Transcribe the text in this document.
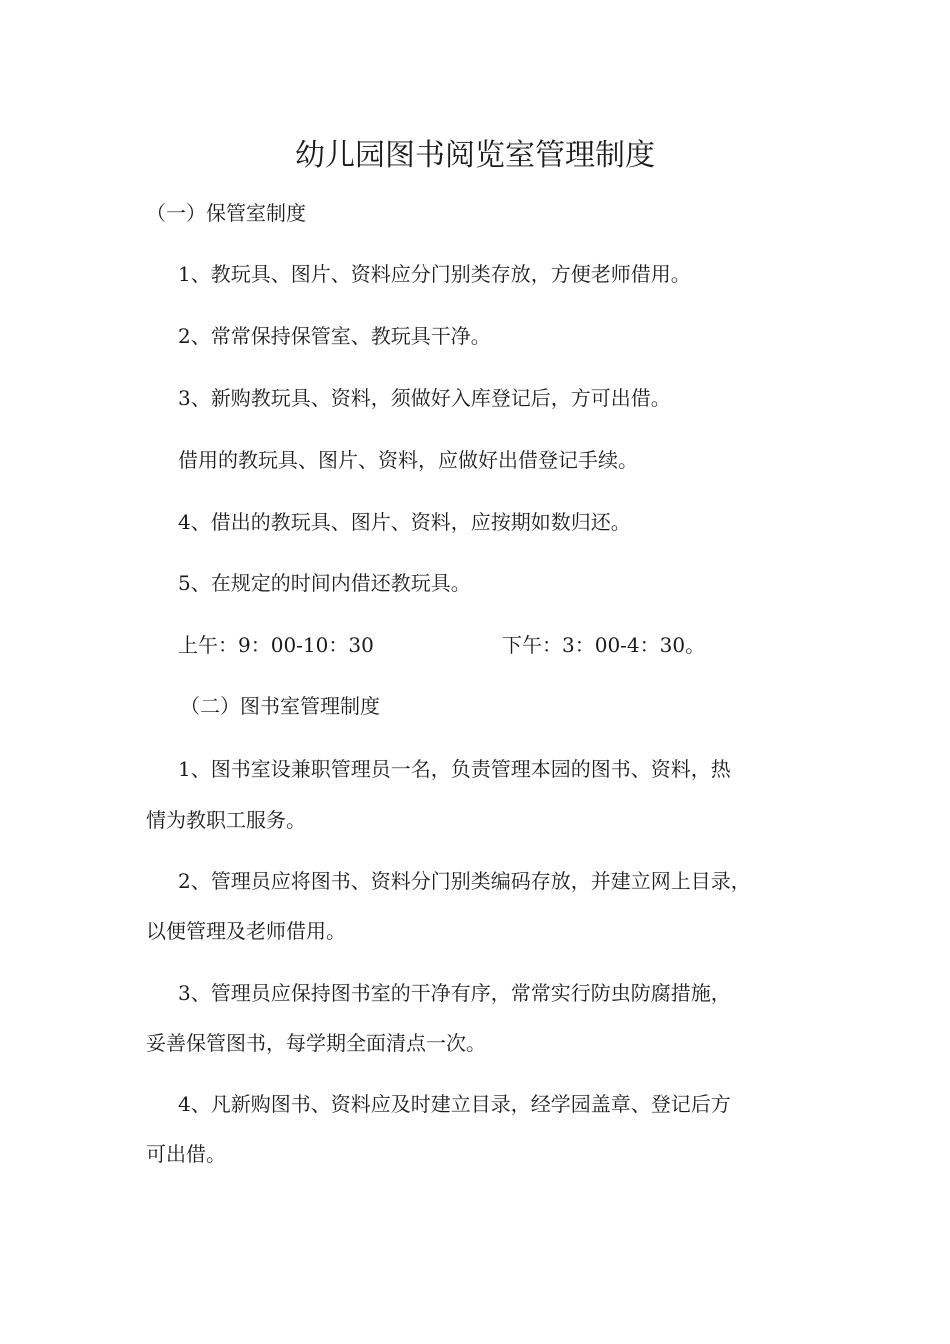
幼儿园图书阅览室管理制度
（一）保管室制度
1、教玩具、图片、资料应分门别类存放，方便老师借用。
2、常常保持保管室、教玩具干净。
3、新购教玩具、资料，须做好入库登记后，方可出借。
借用的教玩具、图片、资料，应做好出借登记手续。
4、借出的教玩具、图片、资料，应按期如数归还。
5、在规定的时间内借还教玩具。
上午：9：00-10：30	下午：3：00-4：30。
（二）图书室管理制度
1、图书室设兼职管理员一名，负责管理本园的图书、资料，热
情为教职工服务。
2、管理员应将图书、资料分门别类编码存放，并建立网上目录，
以便管理及老师借用。
3、管理员应保持图书室的干净有序，常常实行防虫防腐措施，
妥善保管图书，每学期全面清点一次。
4、凡新购图书、资料应及时建立目录，经学园盖章、登记后方
可出借。
